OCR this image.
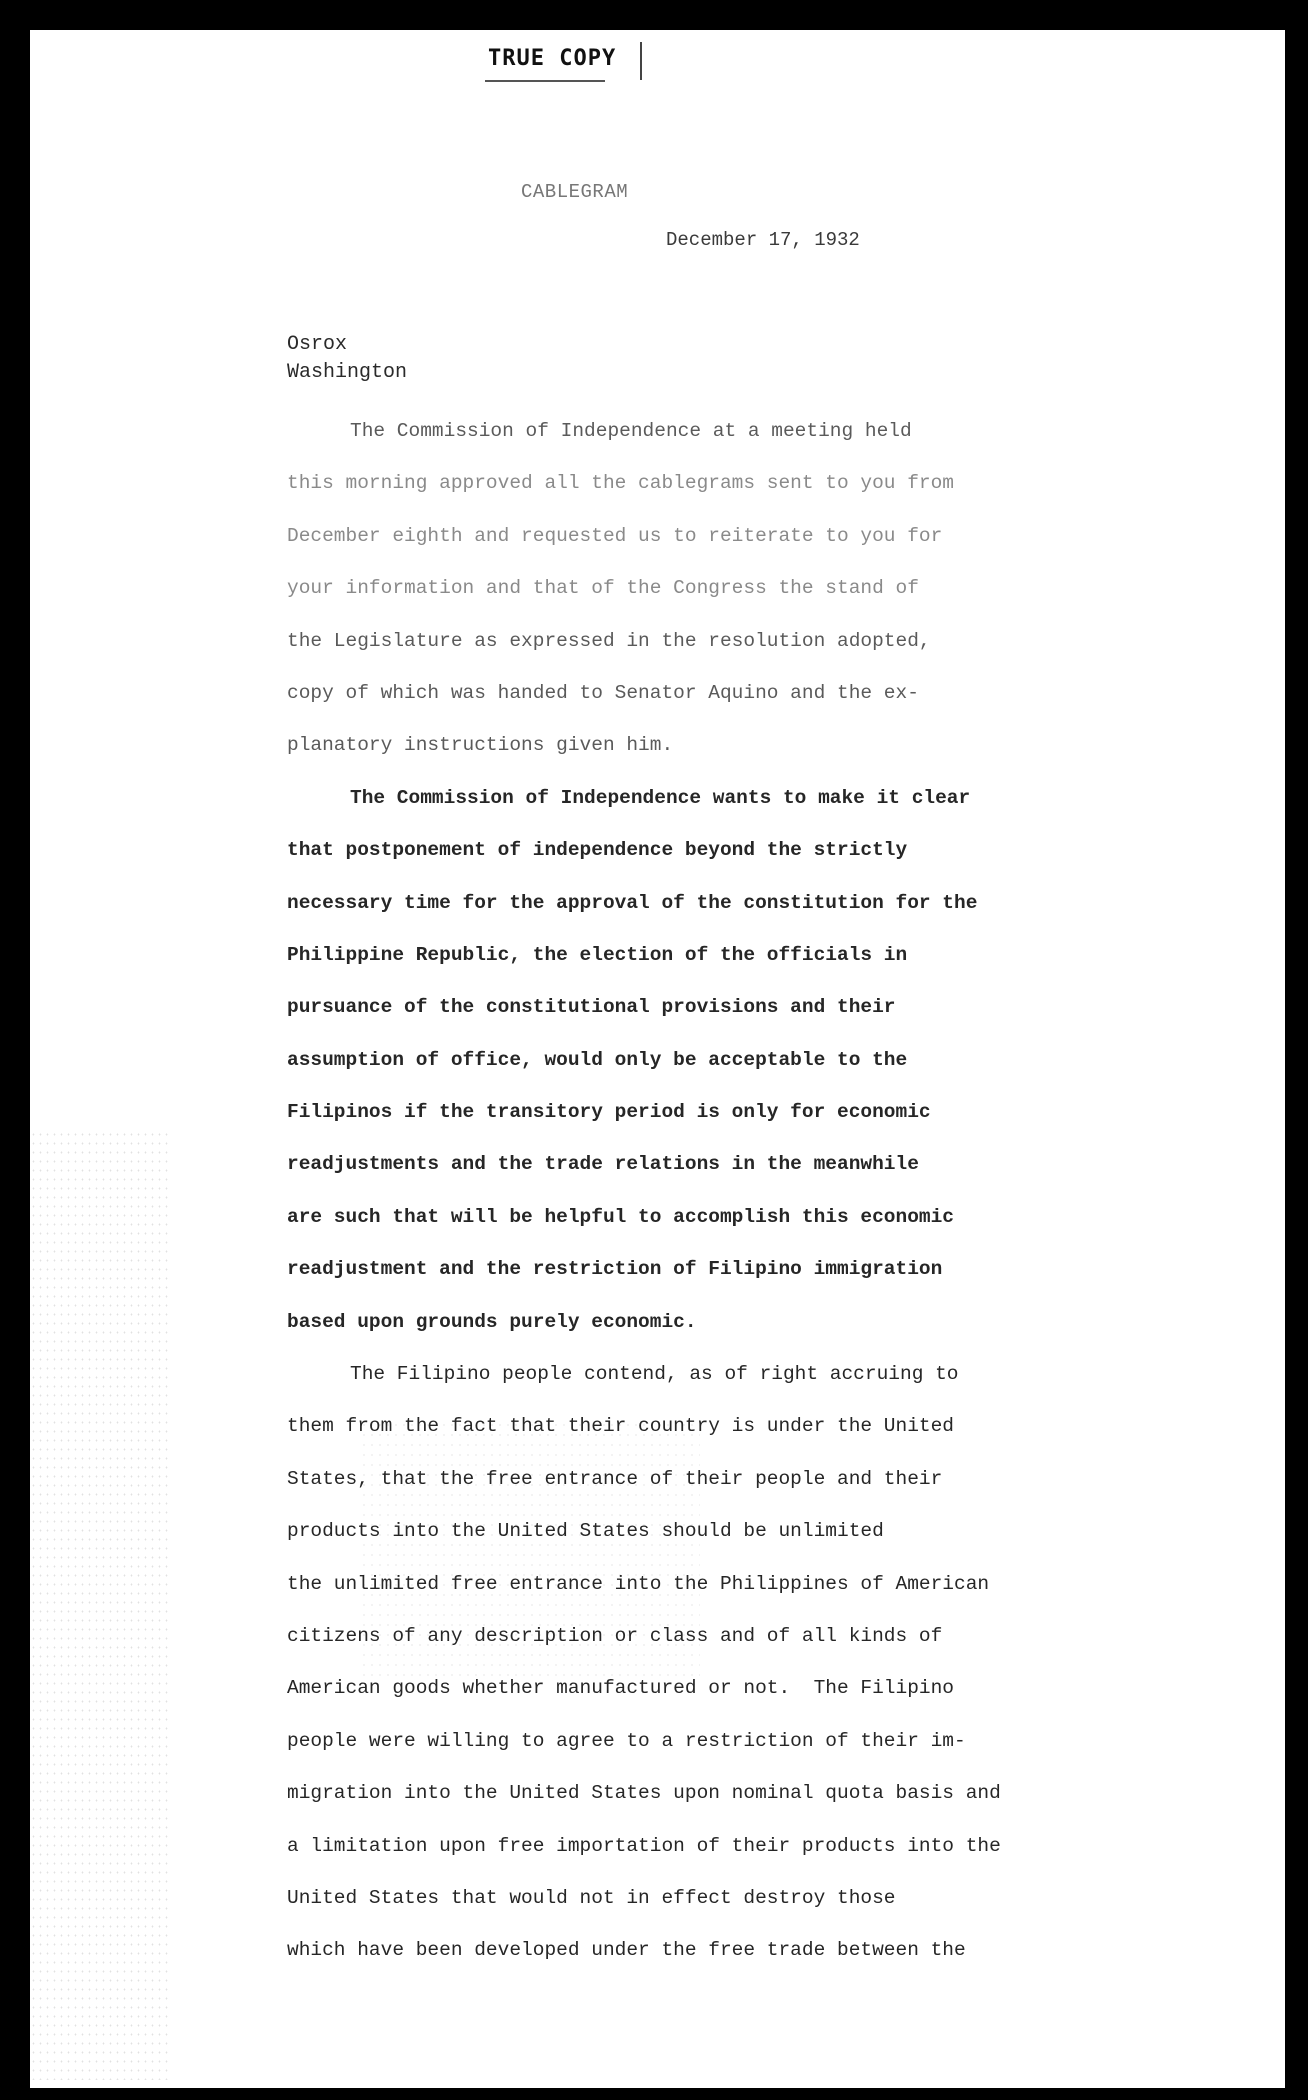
TRUE COPY
CABLEGRAM
December 17, 1932
Osrox
Washington
The Commission of Independence at a meeting held
this morning approved all the cablegrams sent to you from
December eighth and requested us to reiterate to you for
your information and that of the Congress the stand of
the Legislature as expressed in the resolution adopted,
copy of which was handed to Senator Aquino and the ex-
planatory instructions given him.
The Commission of Independence wants to make it clear
that postponement of independence beyond the strictly
necessary time for the approval of the constitution for the
Philippine Republic, the election of the officials in
pursuance of the constitutional provisions and their
assumption of office, would only be acceptable to the
Filipinos if the transitory period is only for economic
readjustments and the trade relations in the meanwhile
are such that will be helpful to accomplish this economic
readjustment and the restriction of Filipino immigration
based upon grounds purely economic.
The Filipino people contend, as of right accruing to
them from the fact that their country is under the United
States, that the free entrance of their people and their
products into the United States should be unlimited
the unlimited free entrance into the Philippines of American
citizens of any description or class and of all kinds of
American goods whether manufactured or not.  The Filipino
people were willing to agree to a restriction of their im-
migration into the United States upon nominal quota basis and
a limitation upon free importation of their products into the
United States that would not in effect destroy those
which have been developed under the free trade between the
